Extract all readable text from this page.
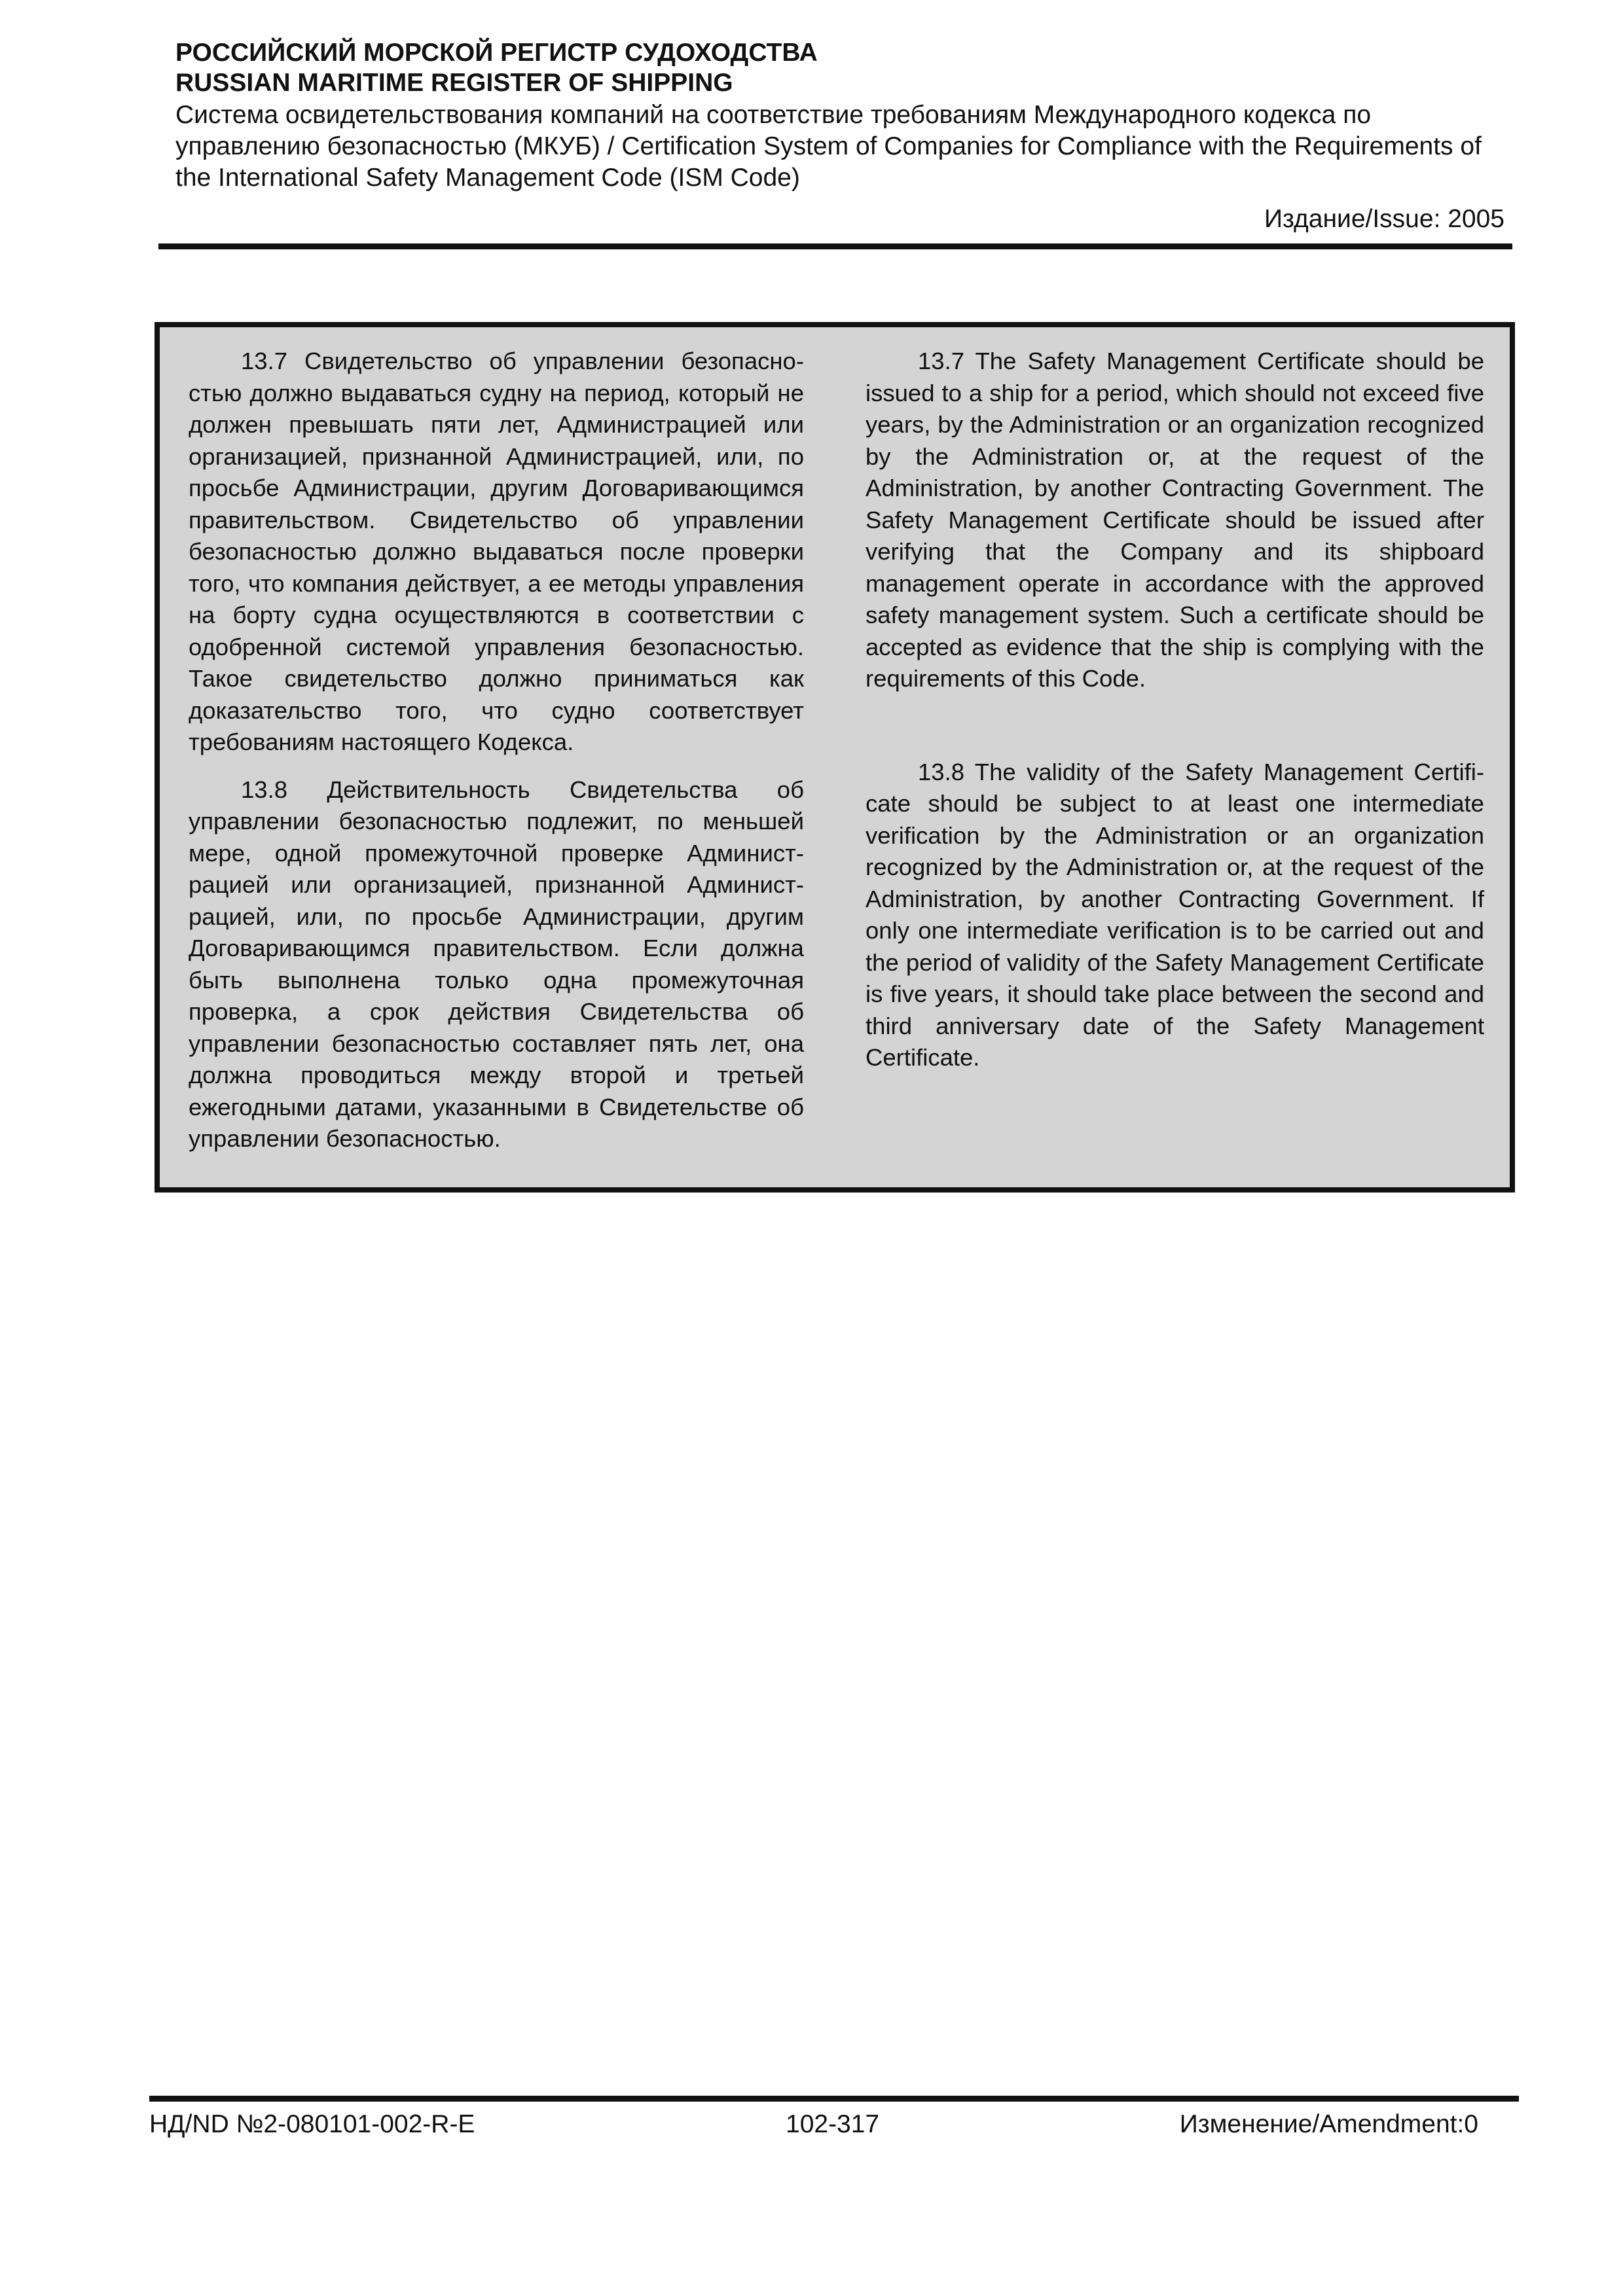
РОССИЙСКИЙ МОРСКОЙ РЕГИСТР СУДОХОДСТВА

RUSSIAN MARITIME REGISTER OF SHIPPING

Система освидетельствования компаний на соответствие требованиям Международного кодекса по управлению безопасностью (МКУБ) / Certification System of Companies for Compliance with the Requirements of the International Safety Management Code (ISM Code)

Издание/Issue: 2005

13.7 Свидетельство об управлении безопасностью должно выдаваться судну на период, который не должен превышать пяти лет, Администрацией или организацией, признанной Администрацией, или, по просьбе Администрации, другим Договаривающимся правительством. Свидетельство об управлении безопасностью должно выдаваться после проверки того, что компания действует, а ее методы управления на борту судна осуществляются в соответствии с одобренной системой управления безопасностью. Такое свидетельство должно приниматься как доказательство того, что судно соответствует требованиям настоящего Кодекса.

13.8 Действительность Свидетельства об управлении безопасностью подлежит, по меньшей мере, одной промежуточной проверке Администрацией или организацией, признанной Администрацией, или, по просьбе Администрации, другим Договаривающимся правительством. Если должна быть выполнена только одна промежуточная проверка, а срок действия Свидетельства об управлении безопасностью составляет пять лет, она должна проводиться между второй и третьей ежегодными датами, указанными в Свидетельстве об управлении безопасностью.

13.7 The Safety Management Certificate should be issued to a ship for a period, which should not exceed five years, by the Administration or an organization recognized by the Administration or, at the request of the Administration, by another Contracting Government. The Safety Management Certificate should be issued after verifying that the Company and its shipboard management operate in accordance with the approved safety management system. Such a certificate should be accepted as evidence that the ship is complying with the requirements of this Code.

13.8 The validity of the Safety Management Certificate should be subject to at least one intermediate verification by the Administration or an organization recognized by the Administration or, at the request of the Administration, by another Contracting Government. If only one intermediate verification is to be carried out and the period of validity of the Safety Management Certificate is five years, it should take place between the second and third anniversary date of the Safety Management Certificate.

НД/ND №2-080101-002-R-E	102-317	Изменение/Amendment:0
